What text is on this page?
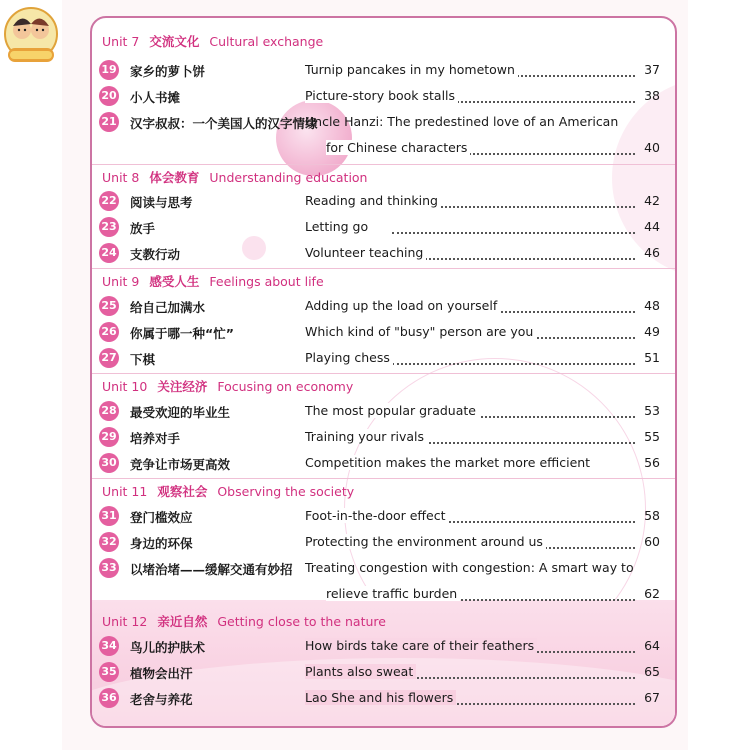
Unit 7 交流文化 Cultural exchange
19 家乡的萝卜饼	Turnip pancakes in my hometown	37
20 小人书摊	Picture-story book stalls	38
21 汉字叔叔：一个美国人的汉字情缘
Uncle Hanzi: The predestined love of an American
for Chinese characters	40
Unit 8 体会教育 Understanding education
22 阅读与思考	Reading and thinking	42
23 放手	Letting go	44
24 支教行动	Volunteer teaching	46
Unit 9 感受人生 Feelings about life
25 给自己加满水	Adding up the load on yourself	48
26 你属于哪一种“忙”	Which kind of "busy" person are you	49
27 下棋	Playing chess	51
Unit 10 关注经济 Focusing on economy
28 最受欢迎的毕业生	The most popular graduate	53
29 培养对手	Training your rivals	55
30 竞争让市场更高效	Competition makes the market more efficient	56
Unit 11 观察社会 Observing the society
31 登门槛效应	Foot-in-the-door effect	58
32 身边的环保	Protecting the environment around us	60
33 以堵治堵——缓解交通有妙招 Treating congestion with congestion: A smart way to
relieve traffic burden	62
Unit 12 亲近自然 Getting close to the nature
34 鸟儿的护肤术	How birds take care of their feathers	64
35 植物会出汗	Plants also sweat	65
36 老舍与养花	Lao She and his flowers	67
